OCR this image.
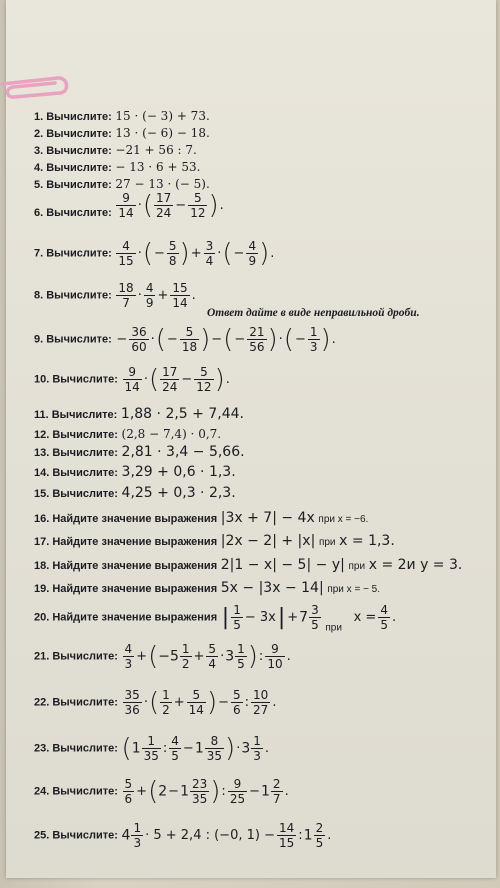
1. Вычислите: 15 · (− 3) + 73.
2. Вычислите: 13 · (− 6) − 18.
3. Вычислите: −21 + 56 : 7.
4. Вычислите: − 13 · 6 + 53.
5. Вычислите: 27 − 13 · (− 5).
6. Вычислите: $\frac{9}{14}$ ·( $\frac{17}{24} - \frac{5}{12}$ ).
7. Вычислите: $\frac{4}{15}$ ·(− $\frac{5}{8}$ )+ $\frac{3}{4}$ ·(− $\frac{4}{9}$ ).
8. Вычислите: $\frac{18}{7} \cdot \frac{4}{9} + \frac{15}{14}$ .
Ответ дайте в виде неправильной дроби.
9. Вычислите: − $\frac{36}{60}$ ·(− $\frac{5}{18}$ )−(− $\frac{21}{56}$ )·(− $\frac{1}{3}$ ).
10. Вычислите: $\frac{9}{14}$ ·( $\frac{17}{24} - \frac{5}{12}$ ).
11. Вычислите: 1,88 · 2,5 + 7,44.
12. Вычислите: (2,8 − 7,4) · 0,7.
13. Вычислите: 2,81 · 3,4 − 5,66.
14. Вычислите: 3,29 + 0,6 · 1,3.
15. Вычислите: 4,25 + 0,3 · 2,3.
16. Найдите значение выражения |3x + 7| − 4x при x = −6.
17. Найдите значение выражения |2x − 2| + |x| при x = 1,3.
18. Найдите значение выражения 2|1 − x| − 5| − y| при x = 2и y = 3.
19. Найдите значение выражения 5x − |3x − 14| при x = − 5.
20. Найдите значение выражения | $\frac{1}{5} - 3x| +7 \frac{3}{5}$ при $x = \frac{4}{5}$ .
21. Вычислите: $\frac{4}{3} +(-5 \frac{1}{2} + \frac{5}{4} \cdot 3 \frac{1}{5}$ ): $\frac{9}{10}$ .
22. Вычислите: $\frac{35}{36}$ ·( $\frac{1}{2} + \frac{5}{14}$ )− $\frac{5}{6}$ : $\frac{10}{27}$ .
23. Вычислите: ($1 \frac{1}{35}$ : $\frac{4}{5} -1 \frac{8}{35} )\cdot 3 \frac{1}{3}$ .
24. Вычислите: $\frac{5}{6} +(2-1 \frac{23}{35}$ ): $\frac{9}{25} -1 \frac{2}{7}$ .
25. Вычислите: $4 \frac{1}{3} \cdot 5 + 2,4$ : (−0, $1) - \frac{14}{15}$ :1 $\frac{2}{5}$ .
